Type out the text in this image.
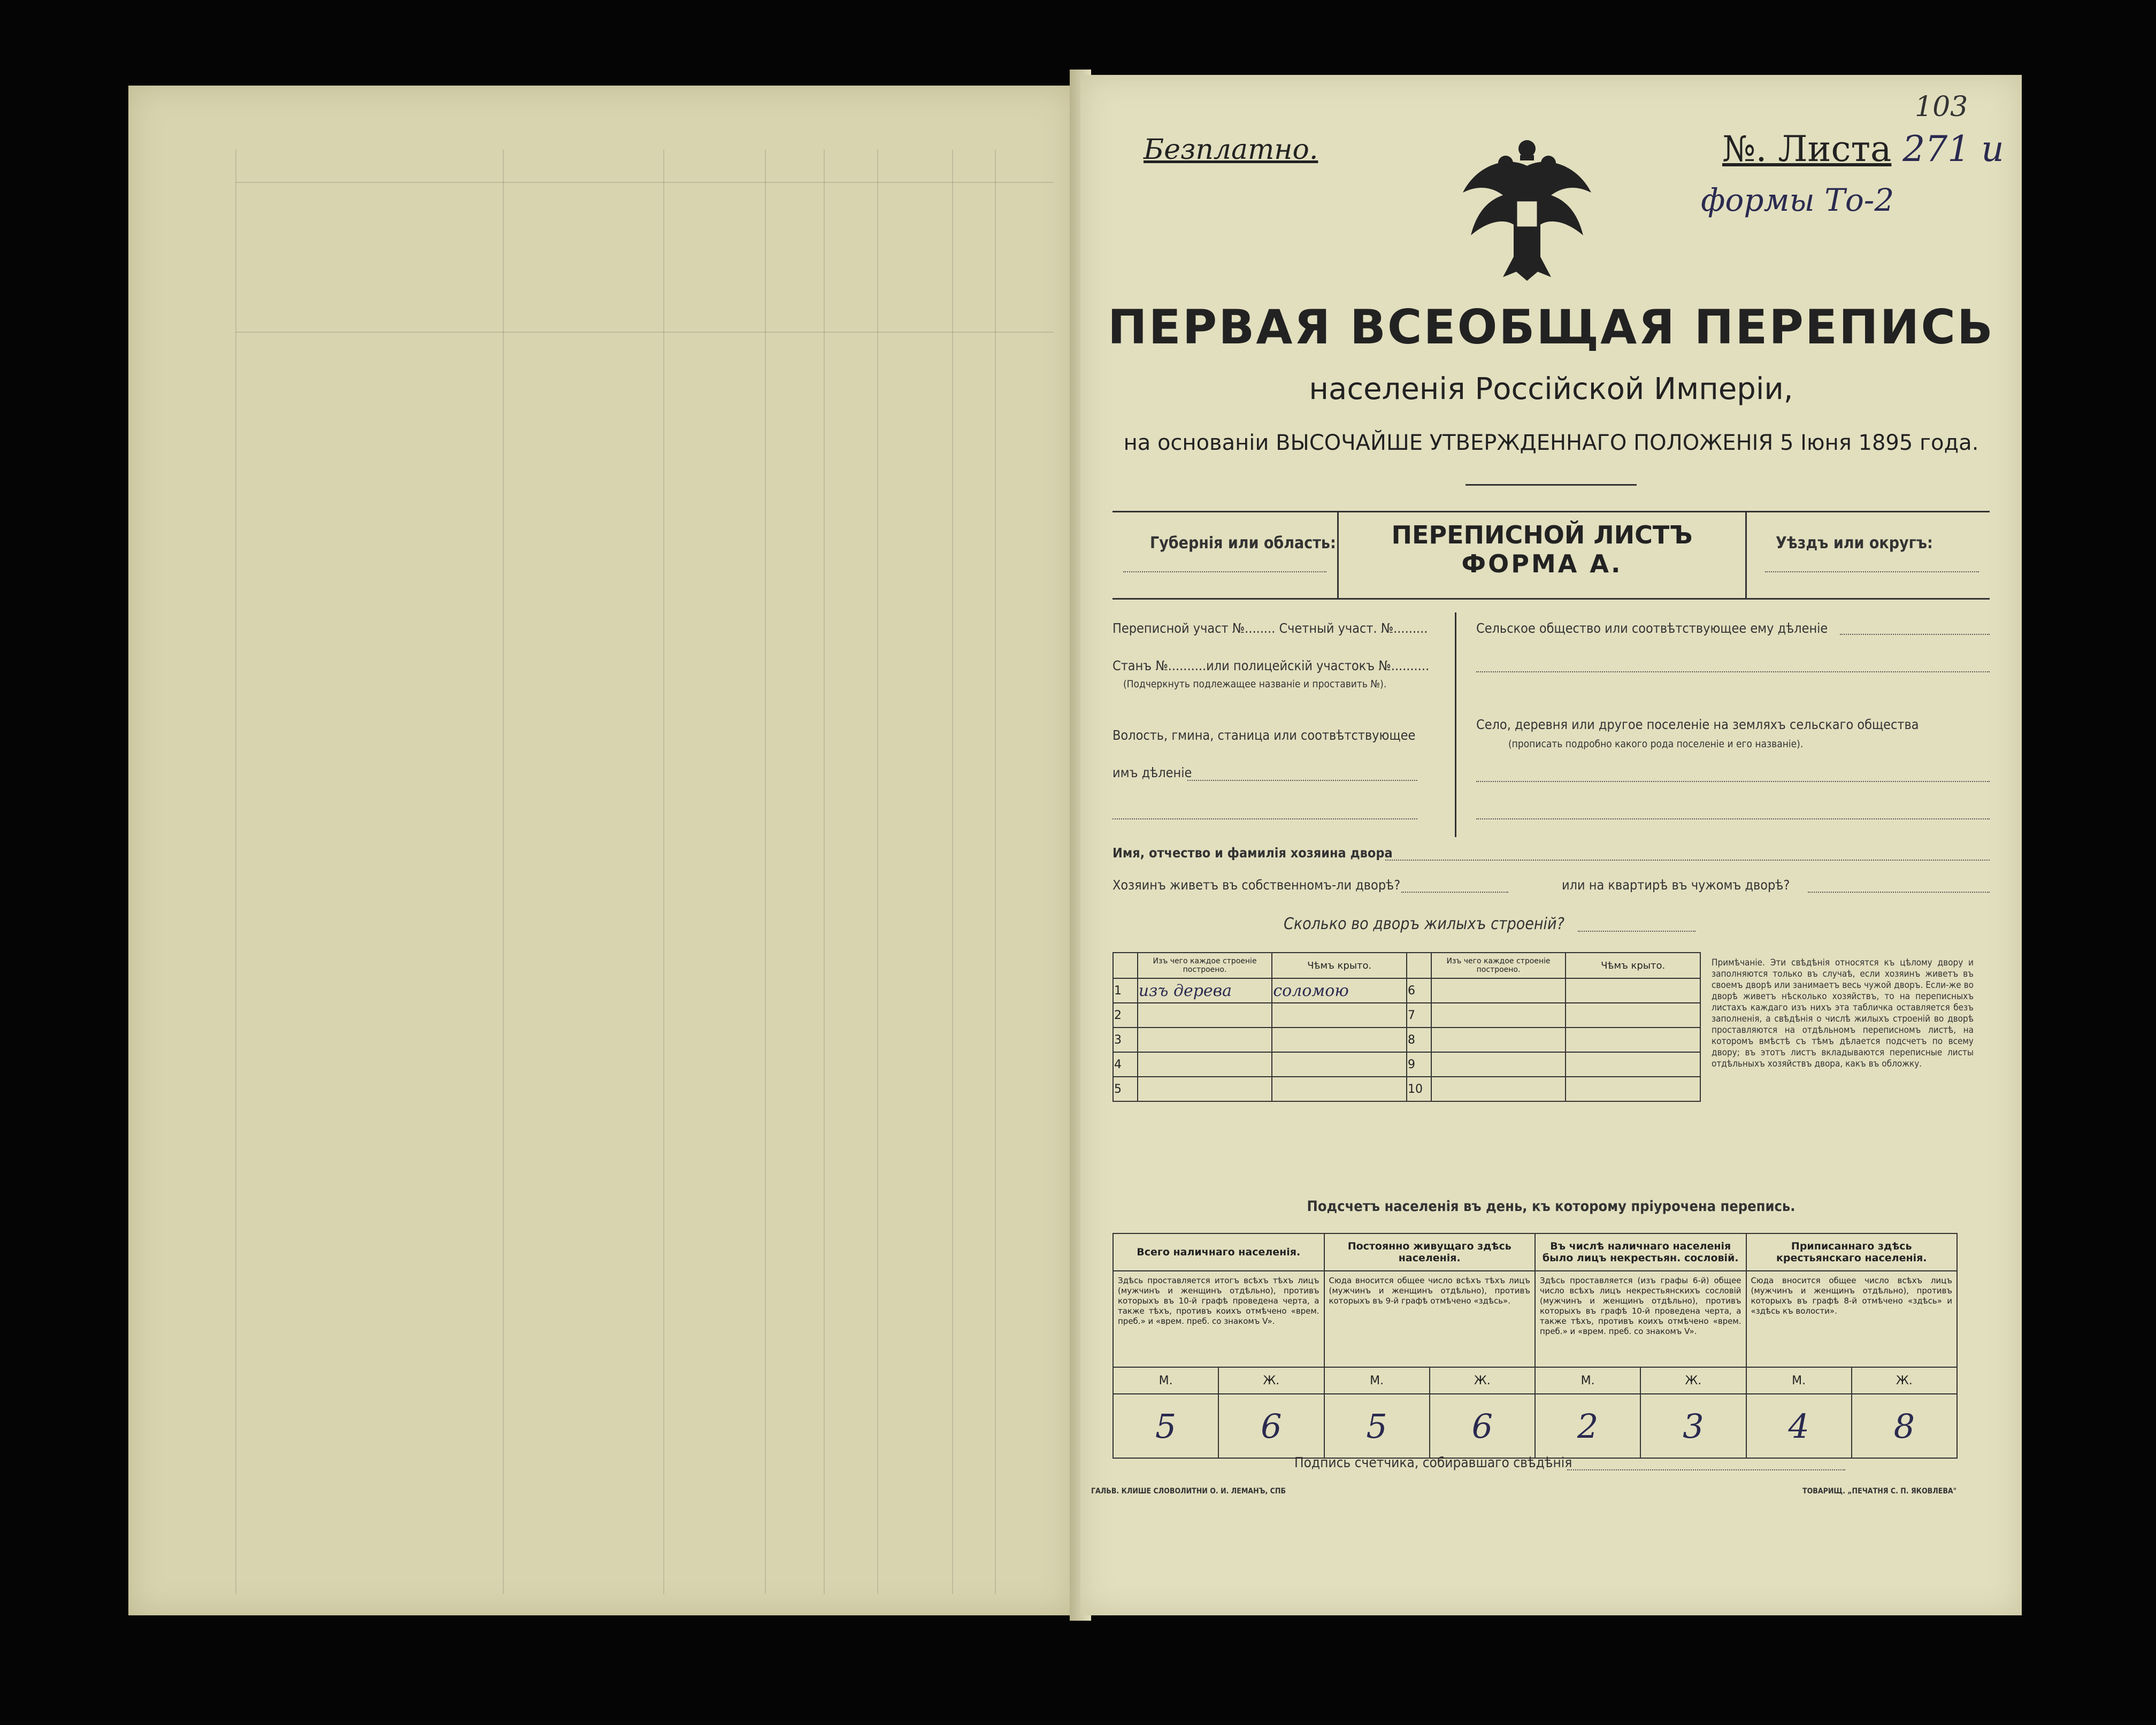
103
Безплатно.	№. Листа 271 и
формы То-2
ПЕРВАЯ ВСЕОБЩАЯ ПЕРЕПИСЬ
населенія Россійской Имперіи,
на основаніи ВЫСОЧАЙШЕ УТВЕРЖДЕННАГО ПОЛОЖЕНІЯ 5 Іюня 1895 года.
Губернія или область:	ПЕРЕПИСНОЙ ЛИСТЪ
ФОРМА А.
Уѣздъ или округъ:
Переписной участ №........ Счетный участ. №.........
Станъ №..........или полицейскій участокъ №..........
(Подчеркнуть подлежащее названіе и проставить №).
Волость, гмина, станица или соотвѣтствующее
имъ дѣленіе
Сельское общество или соотвѣтствующее ему дѣленіе
Село, деревня или другое поселеніе на земляхъ сельскаго общества
(прописать подробно какого рода поселеніе и его названіе).
Имя, отчество и фамилія хозяина двора
Хозяинъ живетъ въ собственномъ-ли дворѣ?	или на квартирѣ въ чужомъ дворѣ?
Сколько во дворъ жилыхъ строеній?
	Изъ чего каждое строеніе построено.	Чѣмъ крыто.		Изъ чего каждое строеніе построено.	Чѣмъ крыто.
1	изъ дерева	соломою	6		
2			7		
3			8		
4			9		
5			10		
Примѣчаніе. Эти свѣдѣнія относятся къ цѣлому двору и заполняются только въ случаѣ, если хозяинъ живетъ въ своемъ дворѣ или занимаетъ весь чужой дворъ. Если-же во дворѣ живетъ нѣсколько хозяйствъ, то на переписныхъ листахъ каждаго изъ нихъ эта табличка оставляется безъ заполненія, а свѣдѣнія о числѣ жилыхъ строеній во дворѣ проставляются на отдѣльномъ переписномъ листѣ, на которомъ вмѣстѣ съ тѣмъ дѣлается подсчетъ по всему двору; въ этотъ листъ вкладываются переписные листы отдѣльныхъ хозяйствъ двора, какъ въ обложку.
Подсчетъ населенія въ день, къ которому пріурочена перепись.
Всего наличнаго населенія.		Постоянно живущаго здѣсь населенія.		Въ числѣ наличнаго населенія было лицъ некрестьян. сословій.		Приписаннаго здѣсь крестьянскаго населенія.	
Здѣсь проставляется итогъ всѣхъ тѣхъ лицъ (мужчинъ и женщинъ отдѣльно), противъ которыхъ въ 10-й графѣ проведена черта, а также тѣхъ, противъ коихъ отмѣчено «врем. преб.» и «врем. преб. со знакомъ V».		Сюда вносится общее число всѣхъ тѣхъ лицъ (мужчинъ и женщинъ отдѣльно), противъ которыхъ въ 9-й графѣ отмѣчено «здѣсь».		Здѣсь проставляется (изъ графы 6-й) общее число всѣхъ лицъ некрестьянскихъ сословій (мужчинъ и женщинъ отдѣльно), противъ которыхъ въ графѣ 10-й проведена черта, а также тѣхъ, противъ коихъ отмѣчено «врем. преб.» и «врем. преб. со знакомъ V».		Сюда вносится общее число всѣхъ лицъ (мужчинъ и женщинъ отдѣльно), противъ которыхъ въ графѣ 8-й отмѣчено «здѣсь» и «здѣсь къ волости».	
М.	Ж.	М.	Ж.	М.	Ж.	М.	Ж.
5	6	5	6	2	3	4	8
Подпись счетчика, собиравшаго свѣдѣнія
ГАЛЬВ. КЛИШЕ СЛОВОЛИТНИ О. И. ЛЕМАНЪ, СПБ	ТОВАРИЩ. „ПЕЧАТНЯ С. П. ЯКОВЛЕВА"
